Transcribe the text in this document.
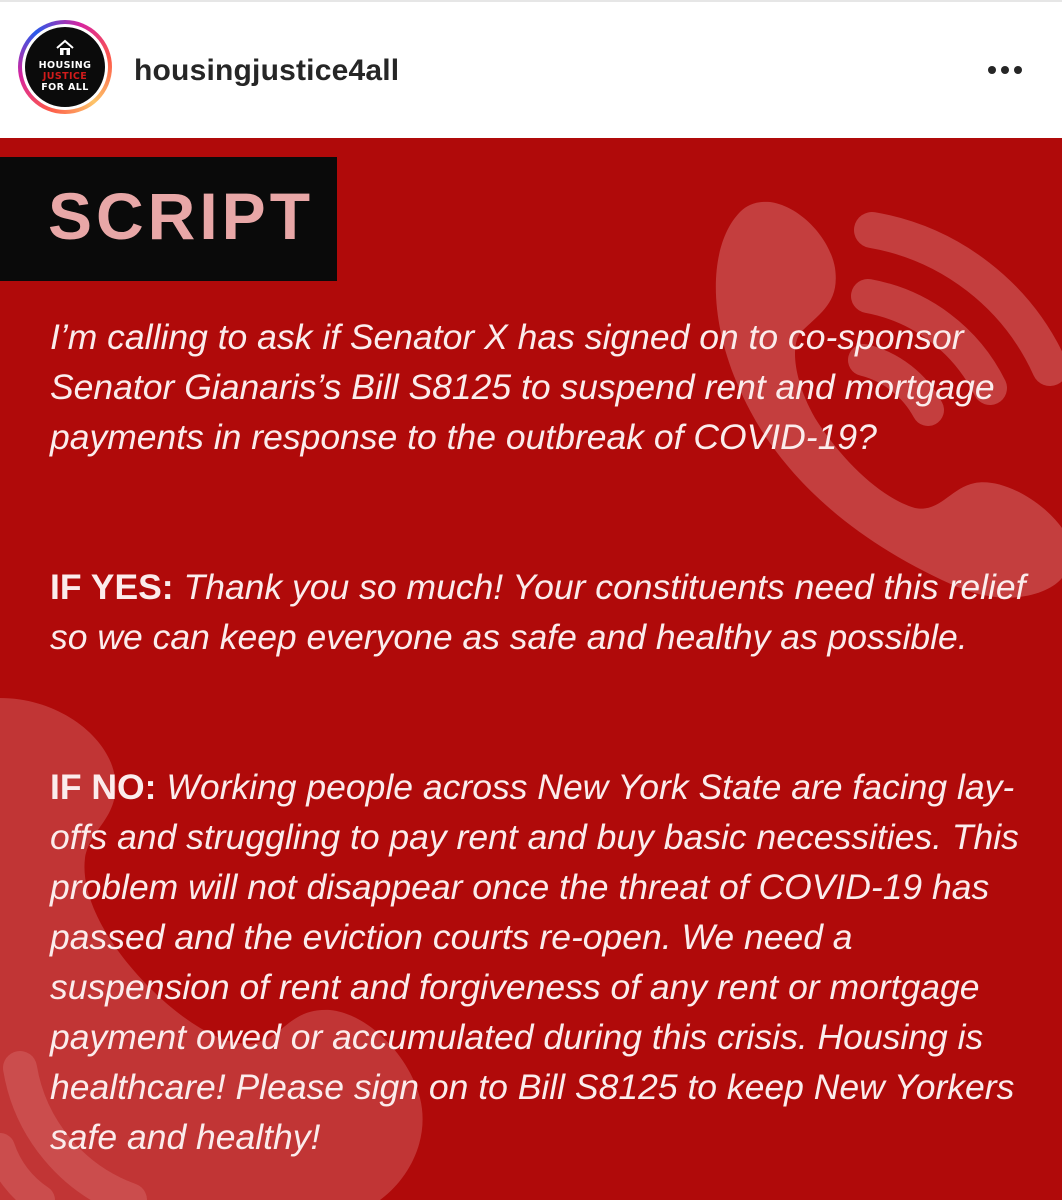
HOUSING
JUSTICE
FOR ALL
housingjustice4all
SCRIPT
I’m calling to ask if Senator X has signed on to co-sponsor Senator Gianaris’s Bill S8125 to suspend rent and mortgage payments in response to the outbreak of COVID-19?
IF YES: Thank you so much! Your constituents need this relief so we can keep everyone as safe and healthy as possible.
IF NO: Working people across New York State are facing lay-offs and struggling to pay rent and buy basic necessities. This problem will not disappear once the threat of COVID-19 has passed and the eviction courts re-open. We need a suspension of rent and forgiveness of any rent or mortgage payment owed or accumulated during this crisis. Housing is healthcare! Please sign on to Bill S8125 to keep New Yorkers safe and healthy!
